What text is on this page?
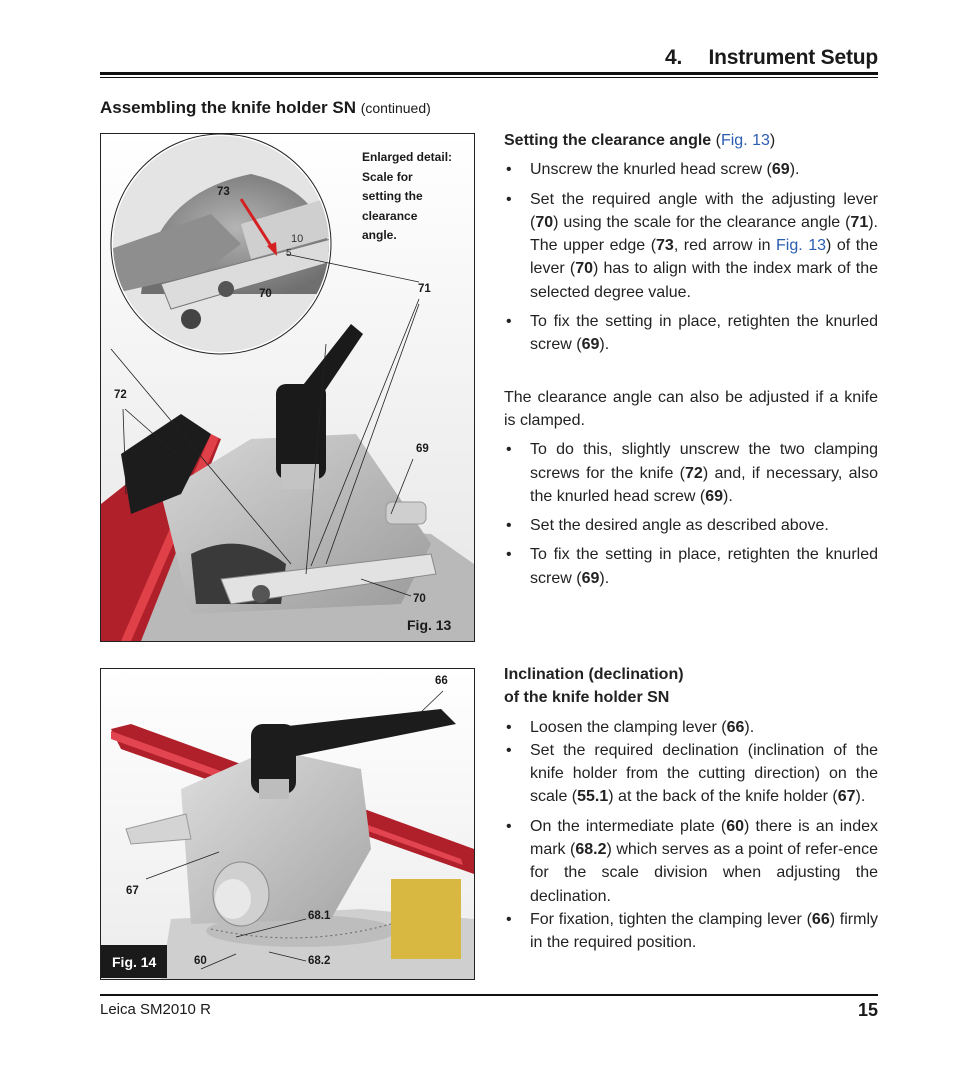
4.  Instrument Setup
Assembling the knife holder SN (continued)
10
5
Enlarged detail:
Scale for
setting the
clearance
angle.
73
70	71
72
69
70
Fig. 13
66
67
68.1
60	68.2
Fig. 14
Setting the clearance angle (Fig. 13)
• Unscrew the knurled head screw (69).
• Set the required angle with the adjusting lever (70) using the scale for the clearance angle (71). The upper edge (73, red arrow in Fig. 13) of the lever (70) has to align with the index mark of the selected degree value.
• To fix the setting in place, retighten the knurled screw (69).

The clearance angle can also be adjusted if a knife is clamped.

• To do this, slightly unscrew the two clamping screws for the knife (72) and, if necessary, also the knurled head screw (69).
• Set the desired angle as described above.
• To fix the setting in place, retighten the knurled screw (69).
Inclination (declination)
of the knife holder SN
• Loosen the clamping lever (66).
• Set the required declination (inclination of the knife holder from the cutting direction) on the scale (55.1) at the back of the knife holder (67).
• On the intermediate plate (60) there is an index mark (68.2) which serves as a point of refer-ence for the scale division when adjusting the declination.
• For fixation, tighten the clamping lever (66) firmly in the required position.
Leica SM2010 R	15
